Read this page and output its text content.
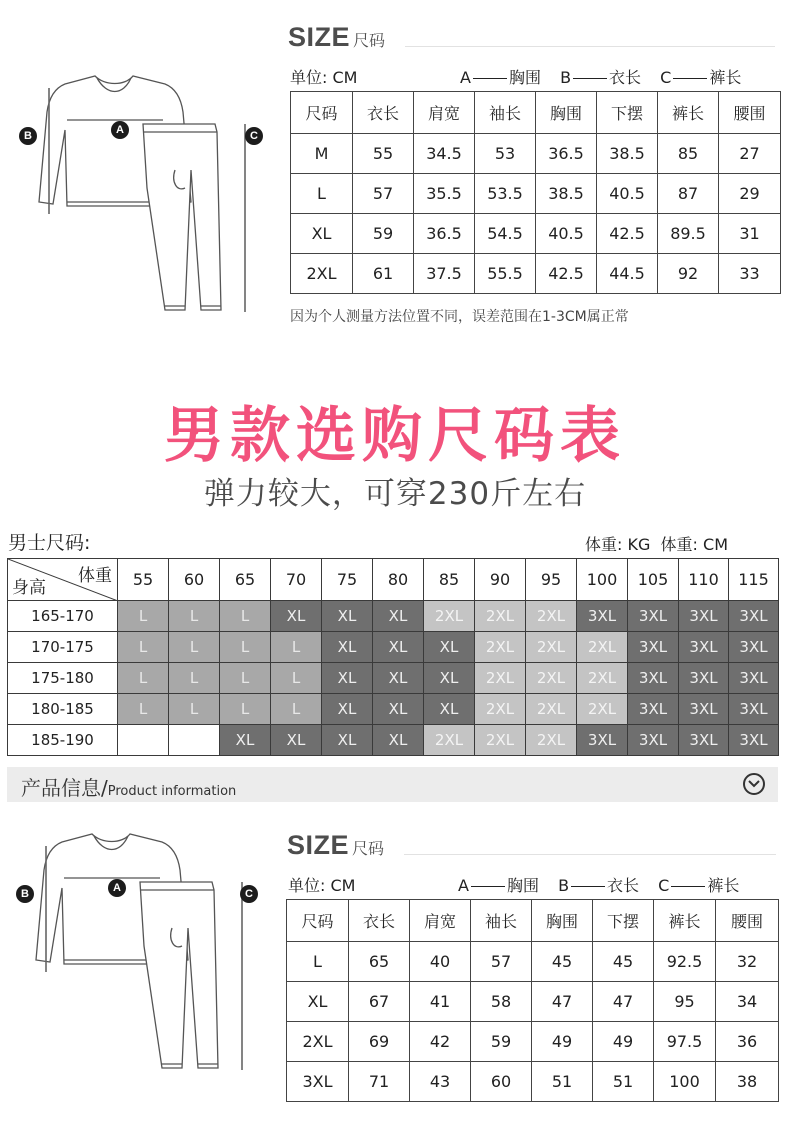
B	A	C
SIZE 尺码
单位: CM	A 胸围 B 衣长 C 裤长
尺码	衣长	肩宽	袖长	胸围	下摆	裤长	腰围
M	55	34.5	53	36.5	38.5	85	27
L	57	35.5	53.5	38.5	40.5	87	29
XL	59	36.5	54.5	40.5	42.5	89.5	31
2XL	61	37.5	55.5	42.5	44.5	92	33
因为个人测量方法位置不同，误差范围在1-3CM属正常
男款选购尺码表
弹力较大，可穿230斤左右
男士尺码:	体重: KG  体重: CM
体重
身高	55	60	65	70	75	80	85	90	95	100	105	110	115
165-170	L	L	L	XL	XL	XL	2XL	2XL	2XL	3XL	3XL	3XL	3XL
170-175	L	L	L	L	XL	XL	XL	2XL	2XL	2XL	3XL	3XL	3XL
175-180	L	L	L	L	XL	XL	XL	2XL	2XL	2XL	3XL	3XL	3XL
180-185	L	L	L	L	XL	XL	XL	2XL	2XL	2XL	3XL	3XL	3XL
185-190			XL	XL	XL	XL	2XL	2XL	2XL	3XL	3XL	3XL	3XL
产品信息/Product information
B	A	C
SIZE 尺码
单位: CM	A 胸围 B 衣长 C 裤长
尺码	衣长	肩宽	袖长	胸围	下摆	裤长	腰围
L	65	40	57	45	45	92.5	32
XL	67	41	58	47	47	95	34
2XL	69	42	59	49	49	97.5	36
3XL	71	43	60	51	51	100	38
